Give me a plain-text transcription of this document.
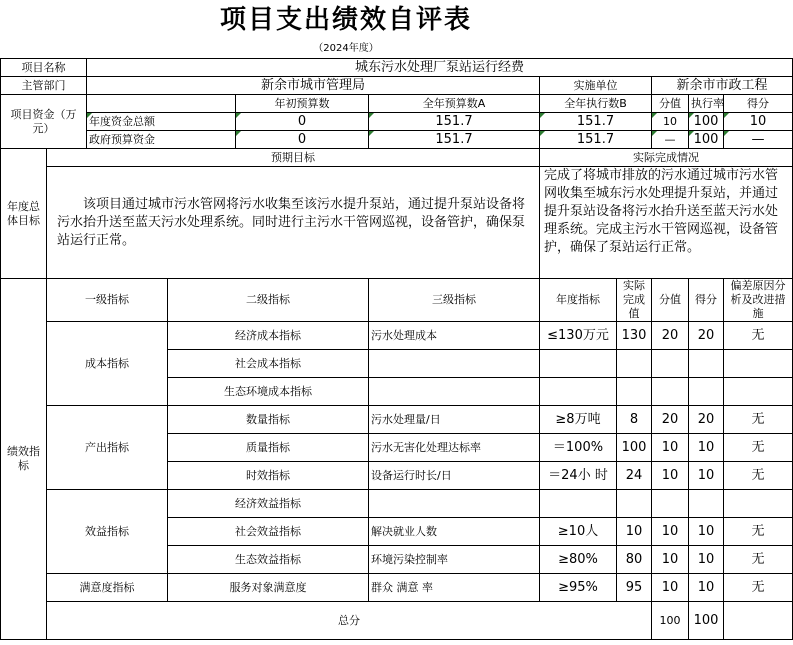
项目支出绩效自评表
（2024年度）
项目名称		城东污水处理厂泵站运行经费								
主管部门		新余市城市管理局				实施单位		新余市市政工程		
项目资金（万元）				年初预算数	全年预算数A	全年执行数B		分值	执行率	得分
		年度资金总额		0	151.7	151.7		10	100	10
		政府预算资金		0	151.7	151.7		—	100	—
年度总体目标	预期目标					实际完成情况				
	该项目通过城市污水管网将污水收集至该污水提升泵站，通过提升泵站设备将污水抬升送至蓝天污水处理系统。同时进行主污水干管网巡视，设备管护，确保泵站运行正常。					完成了将城市排放的污水通过城市污水管网收集至城东污水处理提升泵站，并通过提升泵站设备将污水抬升送至蓝天污水处理系统。完成主污水干管网巡视，设备管护，确保了泵站运行正常。				
绩效指标	一级指标		二级指标		三级指标	年度指标	实际完成值	分值	得分	偏差原因分析及改进措施
	成本指标		经济成本指标		污水处理成本	≤130万元	130	20	20	无
			社会成本指标							
			生态环境成本指标							
	产出指标		数量指标		污水处理量/日	≥8万吨	8	20	20	无
			质量指标		污水无害化处理达标率	＝100%	100	10	10	无
			时效指标		设备运行时长/日	＝24小 时	24	10	10	无
	效益指标		经济效益指标							
			社会效益指标		解决就业人数	≥10人	10	10	10	无
			生态效益指标		环境污染控制率	≥80%	80	10	10	无
	满意度指标		服务对象满意度		群众 满意 率	≥95%	95	10	10	无
	总分							100	100	
